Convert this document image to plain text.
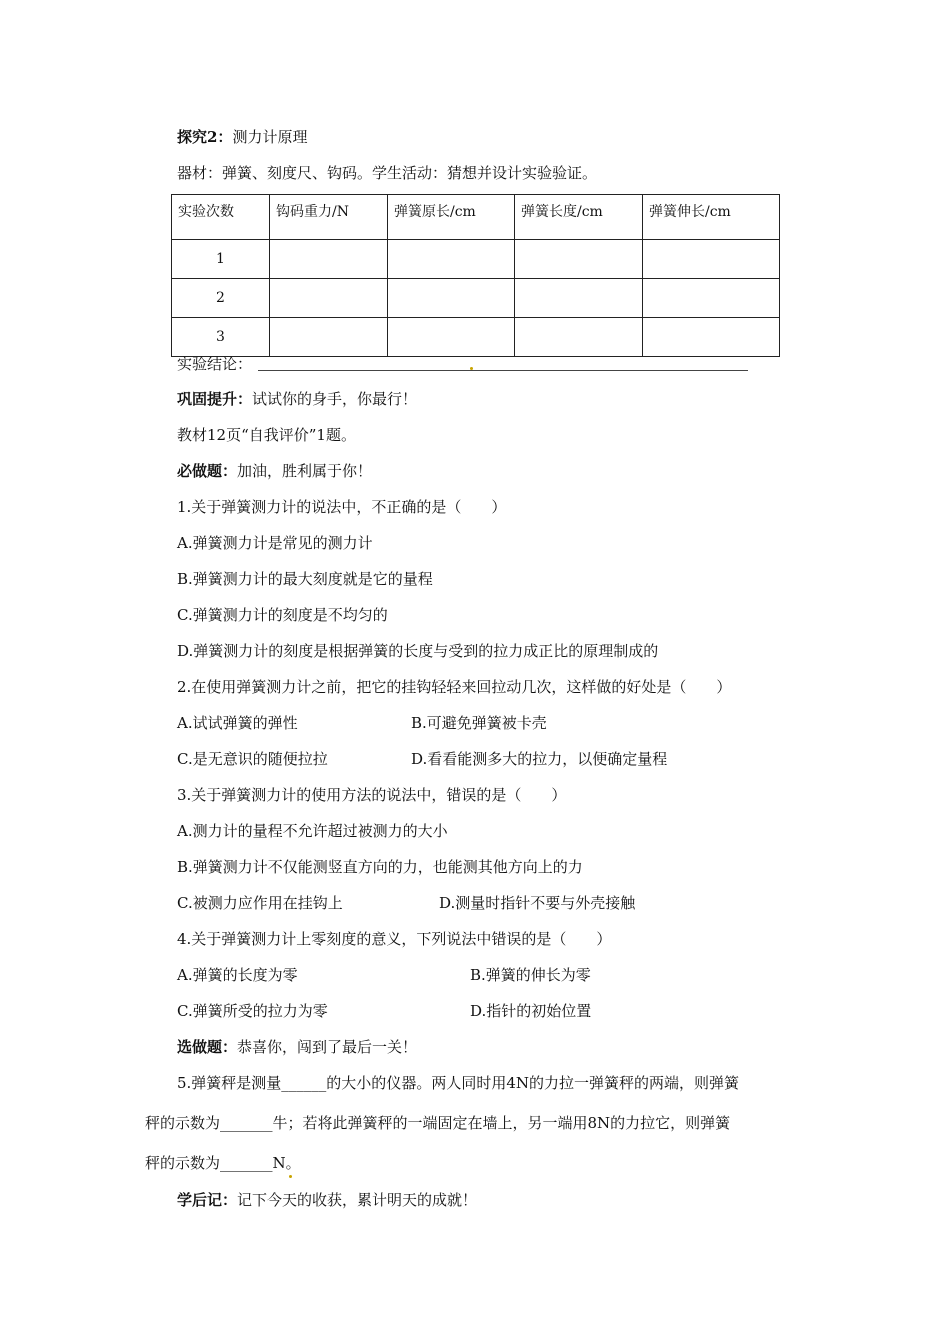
探究2：测力计原理
器材：弹簧、刻度尺、钩码。学生活动：猜想并设计实验验证。
实验次数	钩码重力/N	弹簧原长/cm	弹簧长度/cm	弹簧伸长/cm
1				
2				
3				
实验结论：
巩固提升：试试你的身手，你最行！
教材12页“自我评价”1题。
必做题：加油，胜利属于你！
1.关于弹簧测力计的说法中，不正确的是（　　）
A.弹簧测力计是常见的测力计
B.弹簧测力计的最大刻度就是它的量程
C.弹簧测力计的刻度是不均匀的
D.弹簧测力计的刻度是根据弹簧的长度与受到的拉力成正比的原理制成的
2.在使用弹簧测力计之前，把它的挂钩轻轻来回拉动几次，这样做的好处是（　　）
A.试试弹簧的弹性	B.可避免弹簧被卡壳
C.是无意识的随便拉拉	D.看看能测多大的拉力，以便确定量程
3.关于弹簧测力计的使用方法的说法中，错误的是（　　）
A.测力计的量程不允许超过被测力的大小
B.弹簧测力计不仅能测竖直方向的力，也能测其他方向上的力
C.被测力应作用在挂钩上	D.测量时指针不要与外壳接触
4.关于弹簧测力计上零刻度的意义，下列说法中错误的是（　　）
A.弹簧的长度为零	B.弹簧的伸长为零
C.弹簧所受的拉力为零	D.指针的初始位置
选做题：恭喜你，闯到了最后一关！
5.弹簧秤是测量______的大小的仪器。两人同时用4N的力拉一弹簧秤的两端，则弹簧
秤的示数为_______牛；若将此弹簧秤的一端固定在墙上，另一端用8N的力拉它，则弹簧
秤的示数为_______N。
学后记：记下今天的收获，累计明天的成就！
